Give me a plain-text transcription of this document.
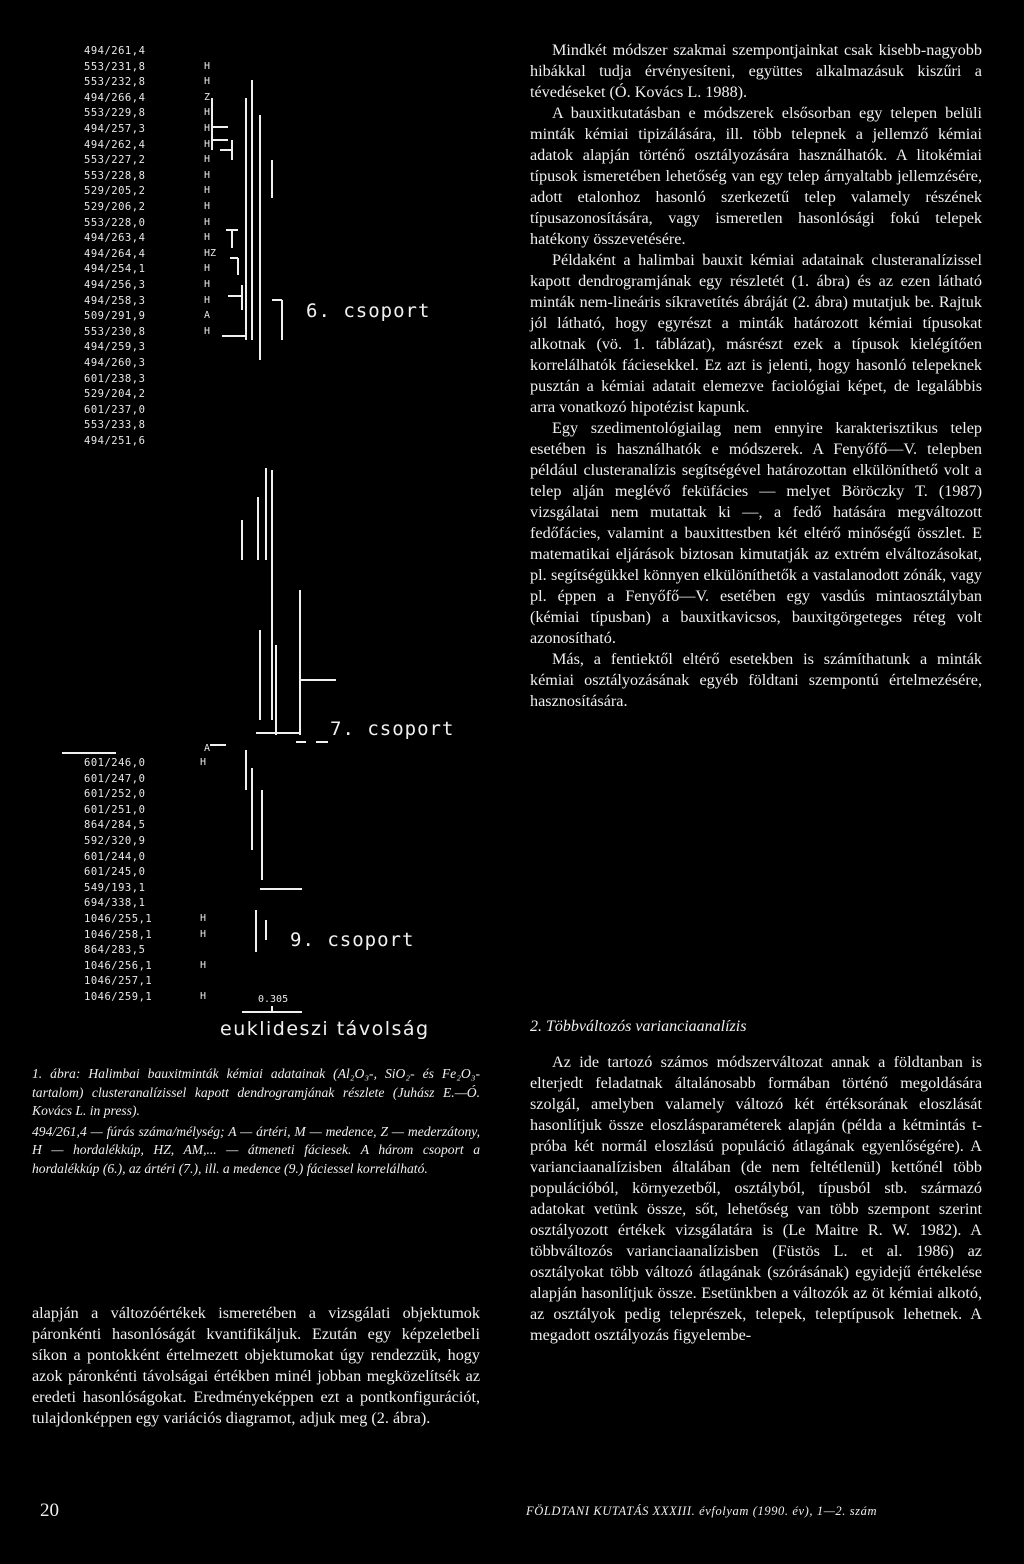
494/261,4
553/231,8	H
553/232,8	H
494/266,4	Z
553/229,8	H
494/257,3	H
494/262,4	H
553/227,2	H
553/228,8	H
529/205,2	H
529/206,2	H
553/228,0	H
494/263,4	H
494/264,4	HZ
494/254,1	H
494/256,3	H
494/258,3	H
509/291,9	A
553/230,8	H
494/259,3
494/260,3
601/238,3
529/204,2
601/237,0
553/233,8
494/251,6
601/246,0	H
601/247,0
601/252,0
601/251,0
864/284,5
592/320,9
601/244,0
601/245,0
549/193,1
694/338,1
1046/255,1	H
1046/258,1	H
864/283,5
1046/256,1	H
1046/257,1
1046/259,1	H
A
6. csoport
7. csoport
9. csoport
0.305
euklideszi távolság

1. ábra: Halimbai bauxitminták kémiai adatainak (Al₂O₃-, SiO₂- és Fe₂O₃-tartalom) clusteranalízissel kapott dendrogramjának részlete (Juhász E.—Ó. Kovács L. in press).

494/261,4 — fúrás száma/mélység; A — ártéri, M — medence, Z — mederzátony, H — hordalékkúp, HZ, AM,... — átmeneti fáciesek. A három csoport a hordalékkúp (6.), az ártéri (7.), ill. a medence (9.) fáciessel korrelálható.

alapján a változóértékek ismeretében a vizsgálati objektumok páronkénti hasonlóságát kvantifikáljuk. Ezután egy képzeletbeli síkon a pontokként értelmezett objektumokat úgy rendezzük, hogy azok páronkénti távolságai értékben minél jobban megközelítsék az eredeti hasonlóságokat. Eredményeképpen ezt a pontkonfigurációt, tulajdonképpen egy variációs diagramot, adjuk meg (2. ábra).

Mindkét módszer szakmai szempontjainkat csak kisebb-nagyobb hibákkal tudja érvényesíteni, együttes alkalmazásuk kiszűri a tévedéseket (Ó. Kovács L. 1988).

A bauxitkutatásban e módszerek elsősorban egy telepen belüli minták kémiai tipizálására, ill. több telepnek a jellemző kémiai adatok alapján történő osztályozására használhatók. A litokémiai típusok ismeretében lehetőség van egy telep árnyaltabb jellemzésére, adott etalonhoz hasonló szerkezetű telep valamely részének típusazonosítására, vagy ismeretlen hasonlósági fokú telepek hatékony összevetésére.

Példaként a halimbai bauxit kémiai adatainak clusteranalízissel kapott dendrogramjának egy részletét (1. ábra) és az ezen látható minták nem-lineáris síkravetítés ábráját (2. ábra) mutatjuk be. Rajtuk jól látható, hogy egyrészt a minták határozott kémiai típusokat alkotnak (vö. 1. táblázat), másrészt ezek a típusok kielégítően korrelálhatók fáciesekkel. Ez azt is jelenti, hogy hasonló telepeknek pusztán a kémiai adatait elemezve faciológiai képet, de legalábbis arra vonatkozó hipotézist kapunk.

Egy szedimentológiailag nem ennyire karakterisztikus telep esetében is használhatók e módszerek. A Fenyőfő—V. telepben például clusteranalízis segítségével határozottan elkülöníthető volt a telep alján meglévő feküfácies — melyet Böröczky T. (1987) vizsgálatai nem mutattak ki —, a fedő hatására megváltozott fedőfácies, valamint a bauxittestben két eltérő minőségű összlet. E matematikai eljárások biztosan kimutatják az extrém elváltozásokat, pl. segítségükkel könnyen elkülöníthetők a vastalanodott zónák, vagy pl. éppen a Fenyőfő—V. esetében egy vasdús mintaosztályban (kémiai típusban) a bauxitkavicsos, bauxitgörgeteges réteg volt azonosítható.

Más, a fentiektől eltérő esetekben is számíthatunk a minták kémiai osztályozásának egyéb földtani szempontú értelmezésére, hasznosítására.

2. Többváltozós varianciaanalízis

Az ide tartozó számos módszerváltozat annak a földtanban is elterjedt feladatnak általánosabb formában történő megoldására szolgál, amelyben valamely változó két értéksorának eloszlását hasonlítjuk össze eloszlásparaméterek alapján (példa a kétmintás t-próba két normál eloszlású populáció átlagának egyenlőségére). A varianciaanalízisben általában (de nem feltétlenül) kettőnél több populációból, környezetből, osztályból, típusból stb. származó adatokat vetünk össze, sőt, lehetőség van több szempont szerint osztályozott értékek vizsgálatára is (Le Maitre R. W. 1982). A többváltozós varianciaanalízisben (Füstös L. et al. 1986) az osztályokat több változó átlagának (szórásának) egyidejű értékelése alapján hasonlítjuk össze. Esetünkben a változók az öt kémiai alkotó, az osztályok pedig teleprészek, telepek, teleptípusok lehetnek. A megadott osztályozás figyelembe-

20	FÖLDTANI KUTATÁS XXXIII. évfolyam (1990. év), 1—2. szám
